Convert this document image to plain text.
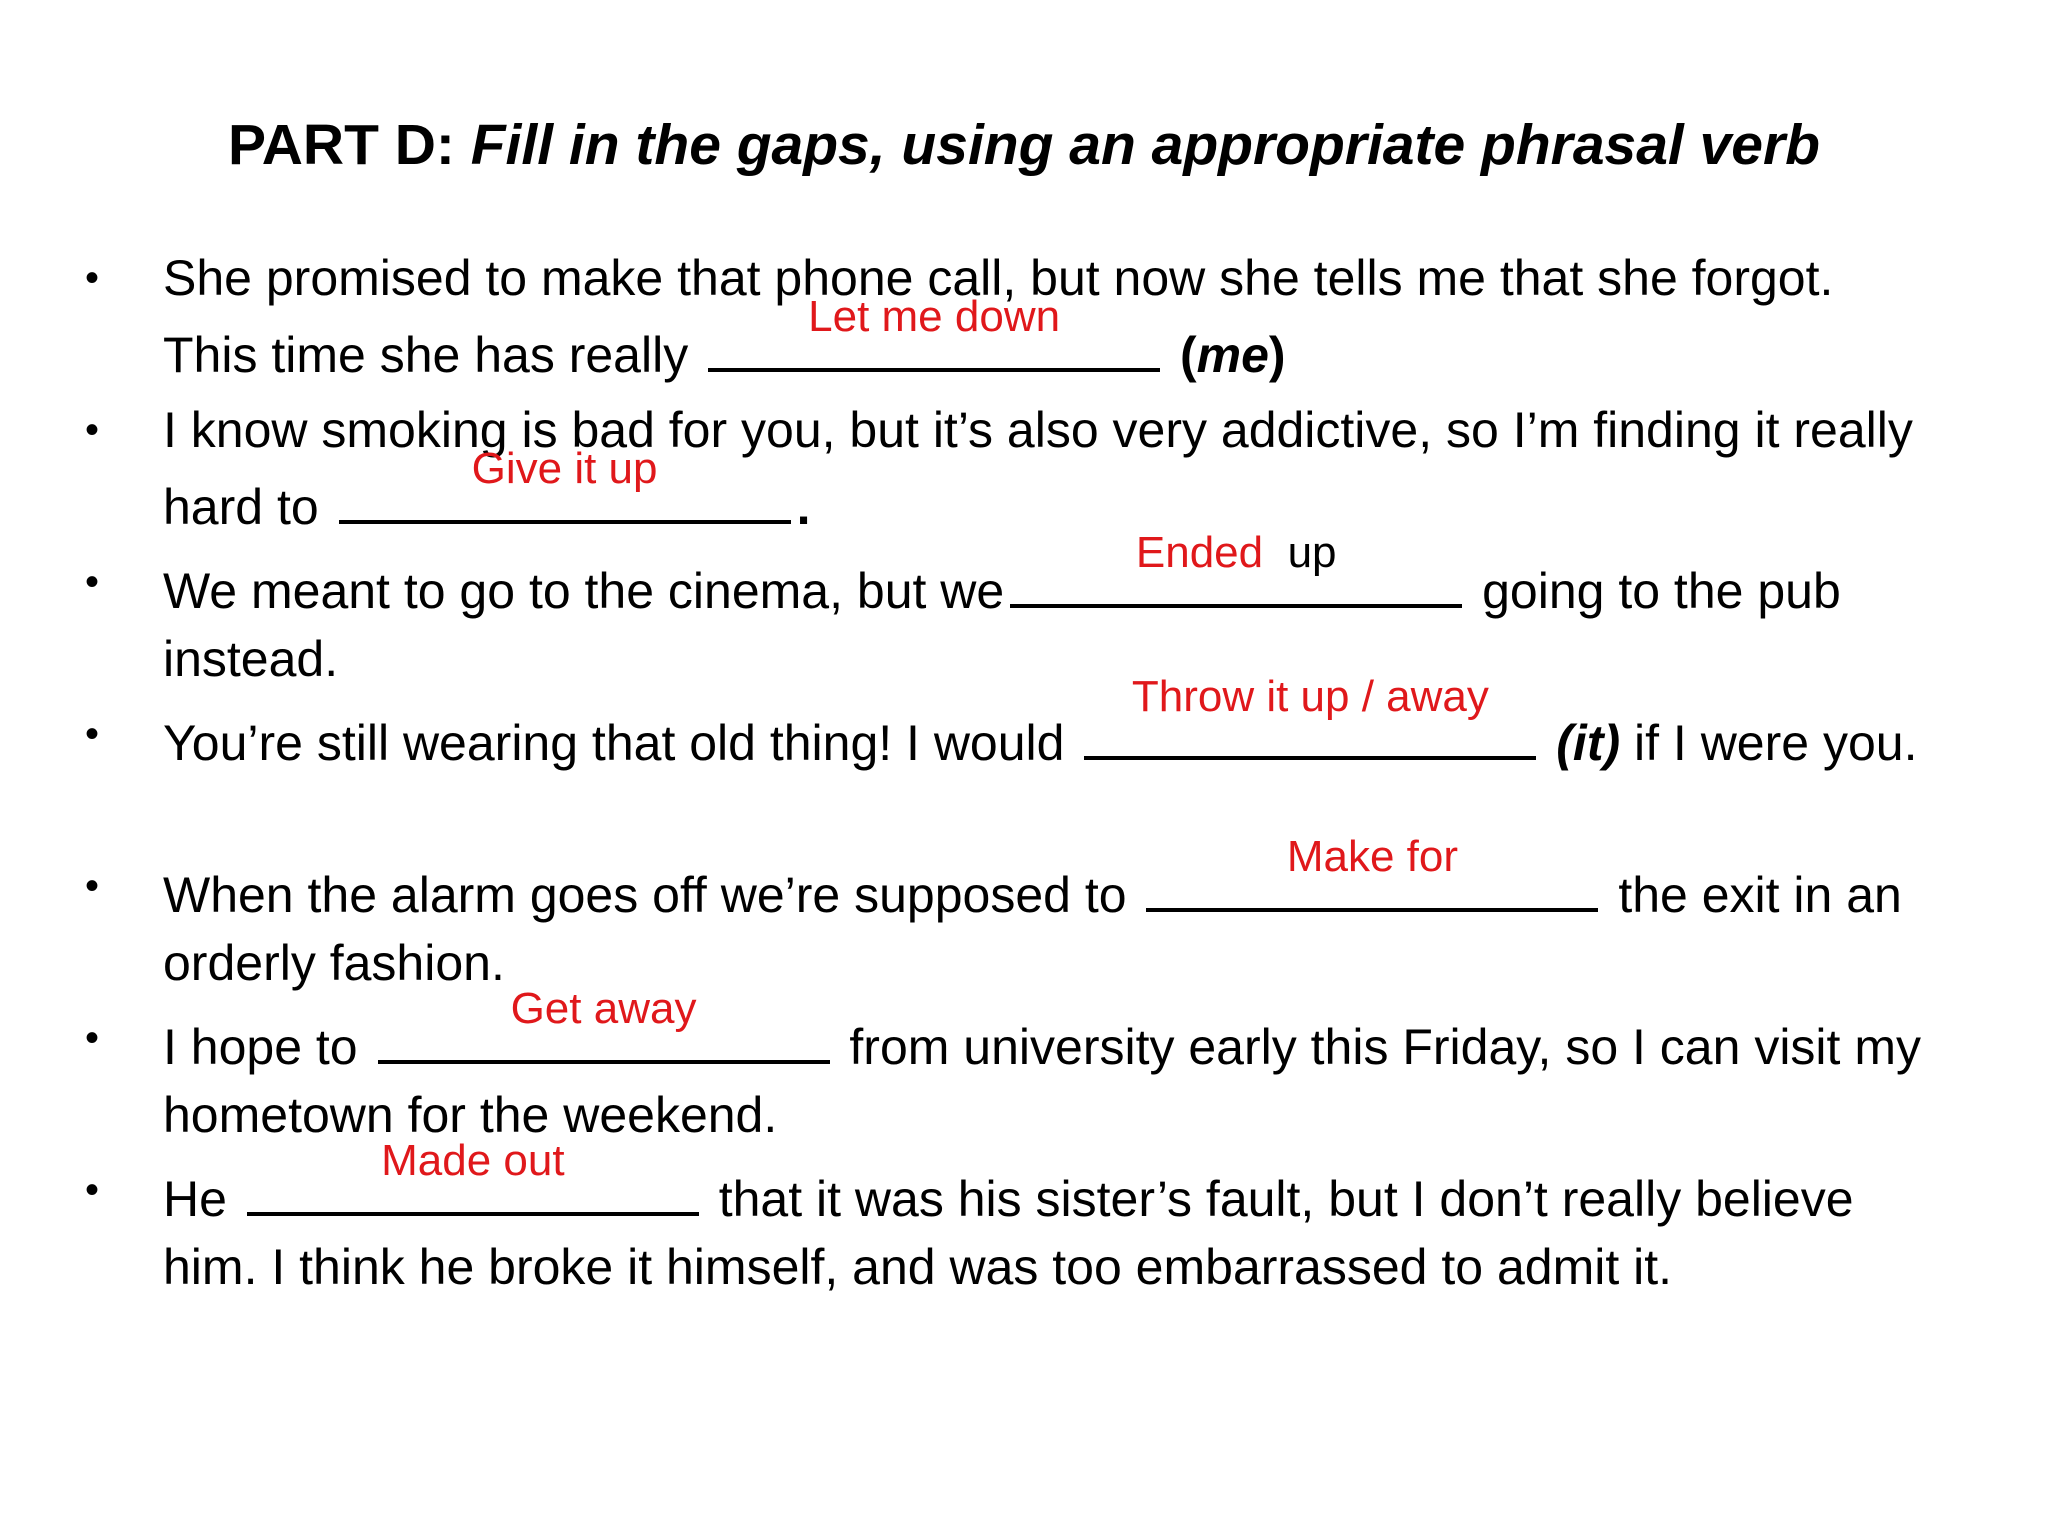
PART D: Fill in the gaps, using an appropriate phrasal verb
• She promised to make that phone call, but now she tells me that she forgot. This time she has really
Let me down
(me)
• I know smoking is bad for you, but it’s also very addictive, so I’m finding it really hard to
Give it up
.
• We meant to go to the cinema, but we
Ended up
going to the pub instead.
• You’re still wearing that old thing! I would
Throw it up / away
(it) if I were you.
• When the alarm goes off we’re supposed to
Make for
the exit in an orderly fashion.
• I hope to
Get away
from university early this Friday, so I can visit my hometown for the weekend.
• He
Made out
that it was his sister’s fault, but I don’t really believe him. I think he broke it himself, and was too embarrassed to admit it.
